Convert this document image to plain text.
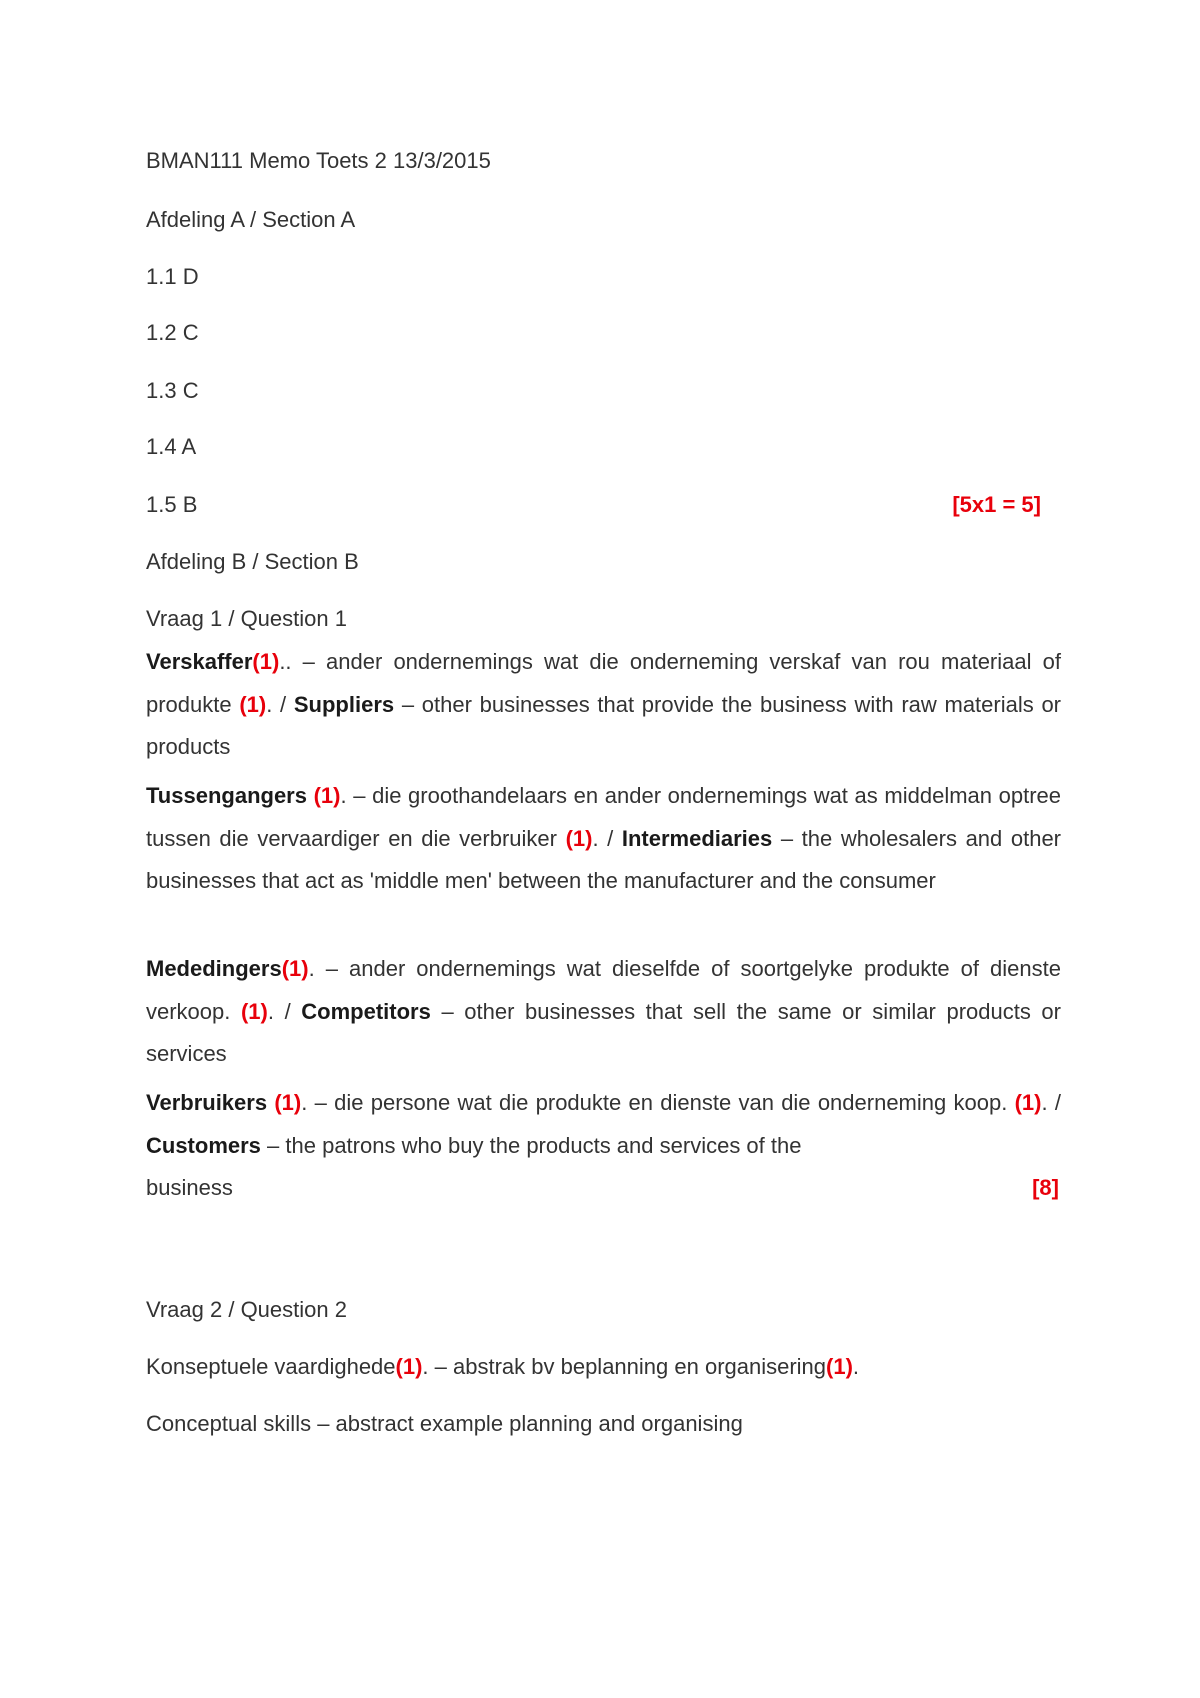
BMAN111 Memo Toets 2 13/3/2015
Afdeling A / Section A
1.1 D
1.2 C
1.3 C
1.4 A
1.5 B	[5x1 = 5]
Afdeling B / Section B
Vraag 1 / Question 1
Verskaffer(1).. – ander ondernemings wat die onderneming verskaf van rou materiaal of produkte (1). / Suppliers – other businesses that provide the business with raw materials or products
Tussengangers (1). – die groothandelaars en ander ondernemings wat as middelman optree tussen die vervaardiger en die verbruiker (1). / Intermediaries – the wholesalers and other businesses that act as 'middle men' between the manufacturer and the consumer
Mededingers(1). – ander ondernemings wat dieselfde of soortgelyke produkte of dienste verkoop. (1). / Competitors – other businesses that sell the same or similar products or services
Verbruikers (1). – die persone wat die produkte en dienste van die onderneming koop. (1). / Customers – the patrons who buy the products and services of the
business	[8]
Vraag 2 / Question 2
Konseptuele vaardighede(1). – abstrak bv beplanning en organisering(1).
Conceptual skills – abstract example planning and organising
